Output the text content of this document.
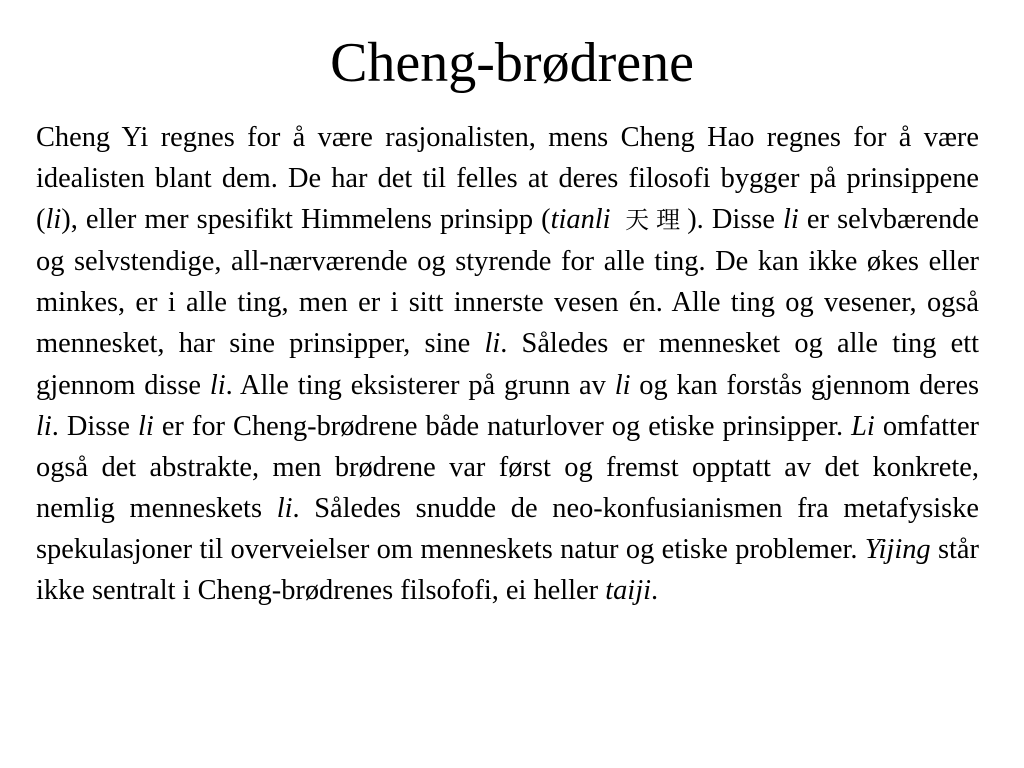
Cheng-brødrene

Cheng Yi regnes for å være rasjonalisten, mens Cheng Hao regnes for å være idealisten blant dem. De har det til felles at deres filosofi bygger på prinsippene (li), eller mer spesifikt Himmelens prinsipp (tianli 天理). Disse li er selvbærende og selvstendige, all-nærværende og styrende for alle ting. De kan ikke økes eller minkes, er i alle ting, men er i sitt innerste vesen én. Alle ting og vesener, også mennesket, har sine prinsipper, sine li. Således er mennesket og alle ting ett gjennom disse li. Alle ting eksisterer på grunn av li og kan forstås gjennom deres li. Disse li er for Cheng-brødrene både naturlover og etiske prinsipper. Li omfatter også det abstrakte, men brødrene var først og fremst opptatt av det konkrete, nemlig menneskets li. Således snudde de neo-konfusianismen fra metafysiske spekulasjoner til overveielser om menneskets natur og etiske problemer. Yijing står ikke sentralt i Cheng-brødrenes filsofofi, ei heller taiji.
